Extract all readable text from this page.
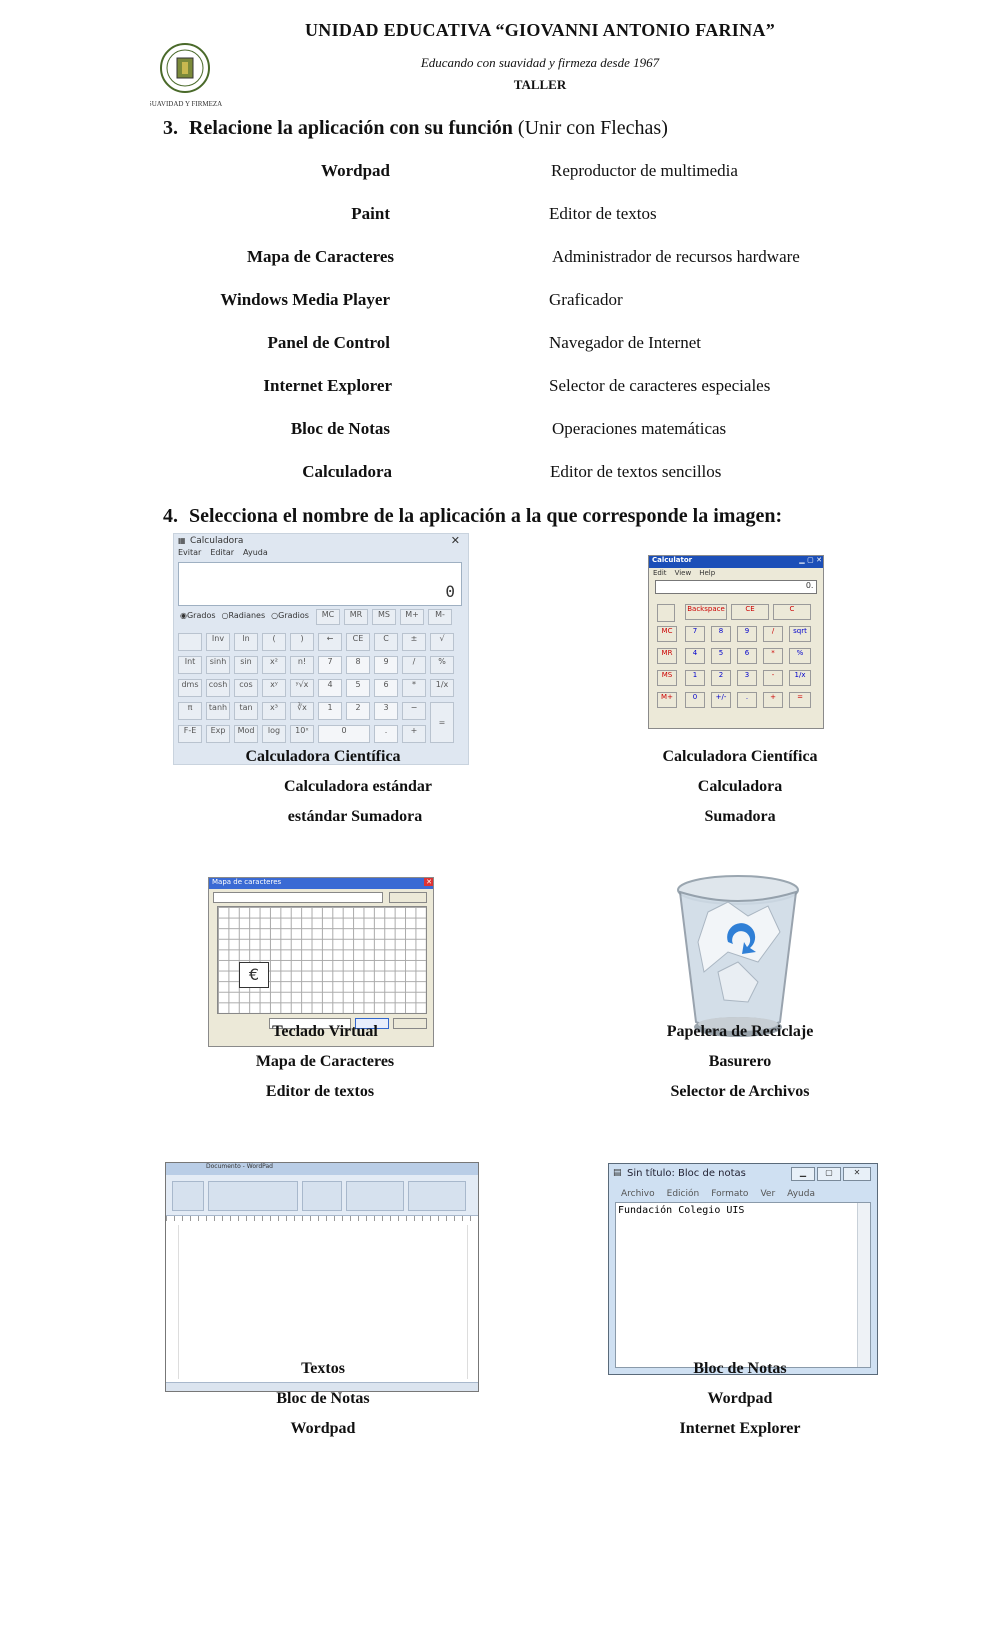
SUAVIDAD Y FIRMEZA
UNIDAD EDUCATIVA “GIOVANNI ANTONIO FARINA”
Educando con suavidad y firmeza desde 1967
TALLER
3. Relacione la aplicación con su función (Unir con Flechas)
Wordpad
Paint
Mapa de Caracteres
Windows Media Player
Panel de Control
Internet Explorer
Bloc de Notas
Calculadora
Reproductor de multimedia
Editor de textos
Administrador de recursos hardware
Graficador
Navegador de Internet
Selector de caracteres especiales
Operaciones matemáticas
Editor de textos sencillos
4. Selecciona el nombre de la aplicación a la que corresponde la imagen:
▦ Calculadora	✕
Evitar Editar Ayuda
0
◉Grados ○Radianes ○Gradios	MC	MR	MS	M+	M-
Inv	ln	(	)	←	CE	C	±	√
Int	sinh	sin	x²	n!	7	8	9	/	%
dms	cosh	cos	xʸ	ʸ√x	4	5	6	*	1/x
π	tanh	tan	x³	∛x	1	2	3	−
=
F-E	Exp	Mod	log	10ˣ	0	.	+
Calculadora Científica
Calculadora estándar
estándar Sumadora
Calculator	▁ ▢ ✕
Edit View Help
0.
Backspace	CE	C
MC
MR
MS
M+
7	8	9	/	sqrt
4	5	6	*	%
1	2	3	-	1/x
0	+/-	.	+	=
Calculadora Científica
Calculadora
Sumadora
Mapa de caracteres	✕
€
Teclado Virtual
Mapa de Caracteres
Editor de textos
Papelera de Reciclaje
Basurero
Selector de Archivos
Documento - WordPad
Textos
Bloc de Notas
Wordpad
▤ Sin título: Bloc de notas	▁	▢	✕
Archivo Edición Formato Ver Ayuda
Fundación Colegio UIS
Bloc de Notas
Wordpad
Internet Explorer
